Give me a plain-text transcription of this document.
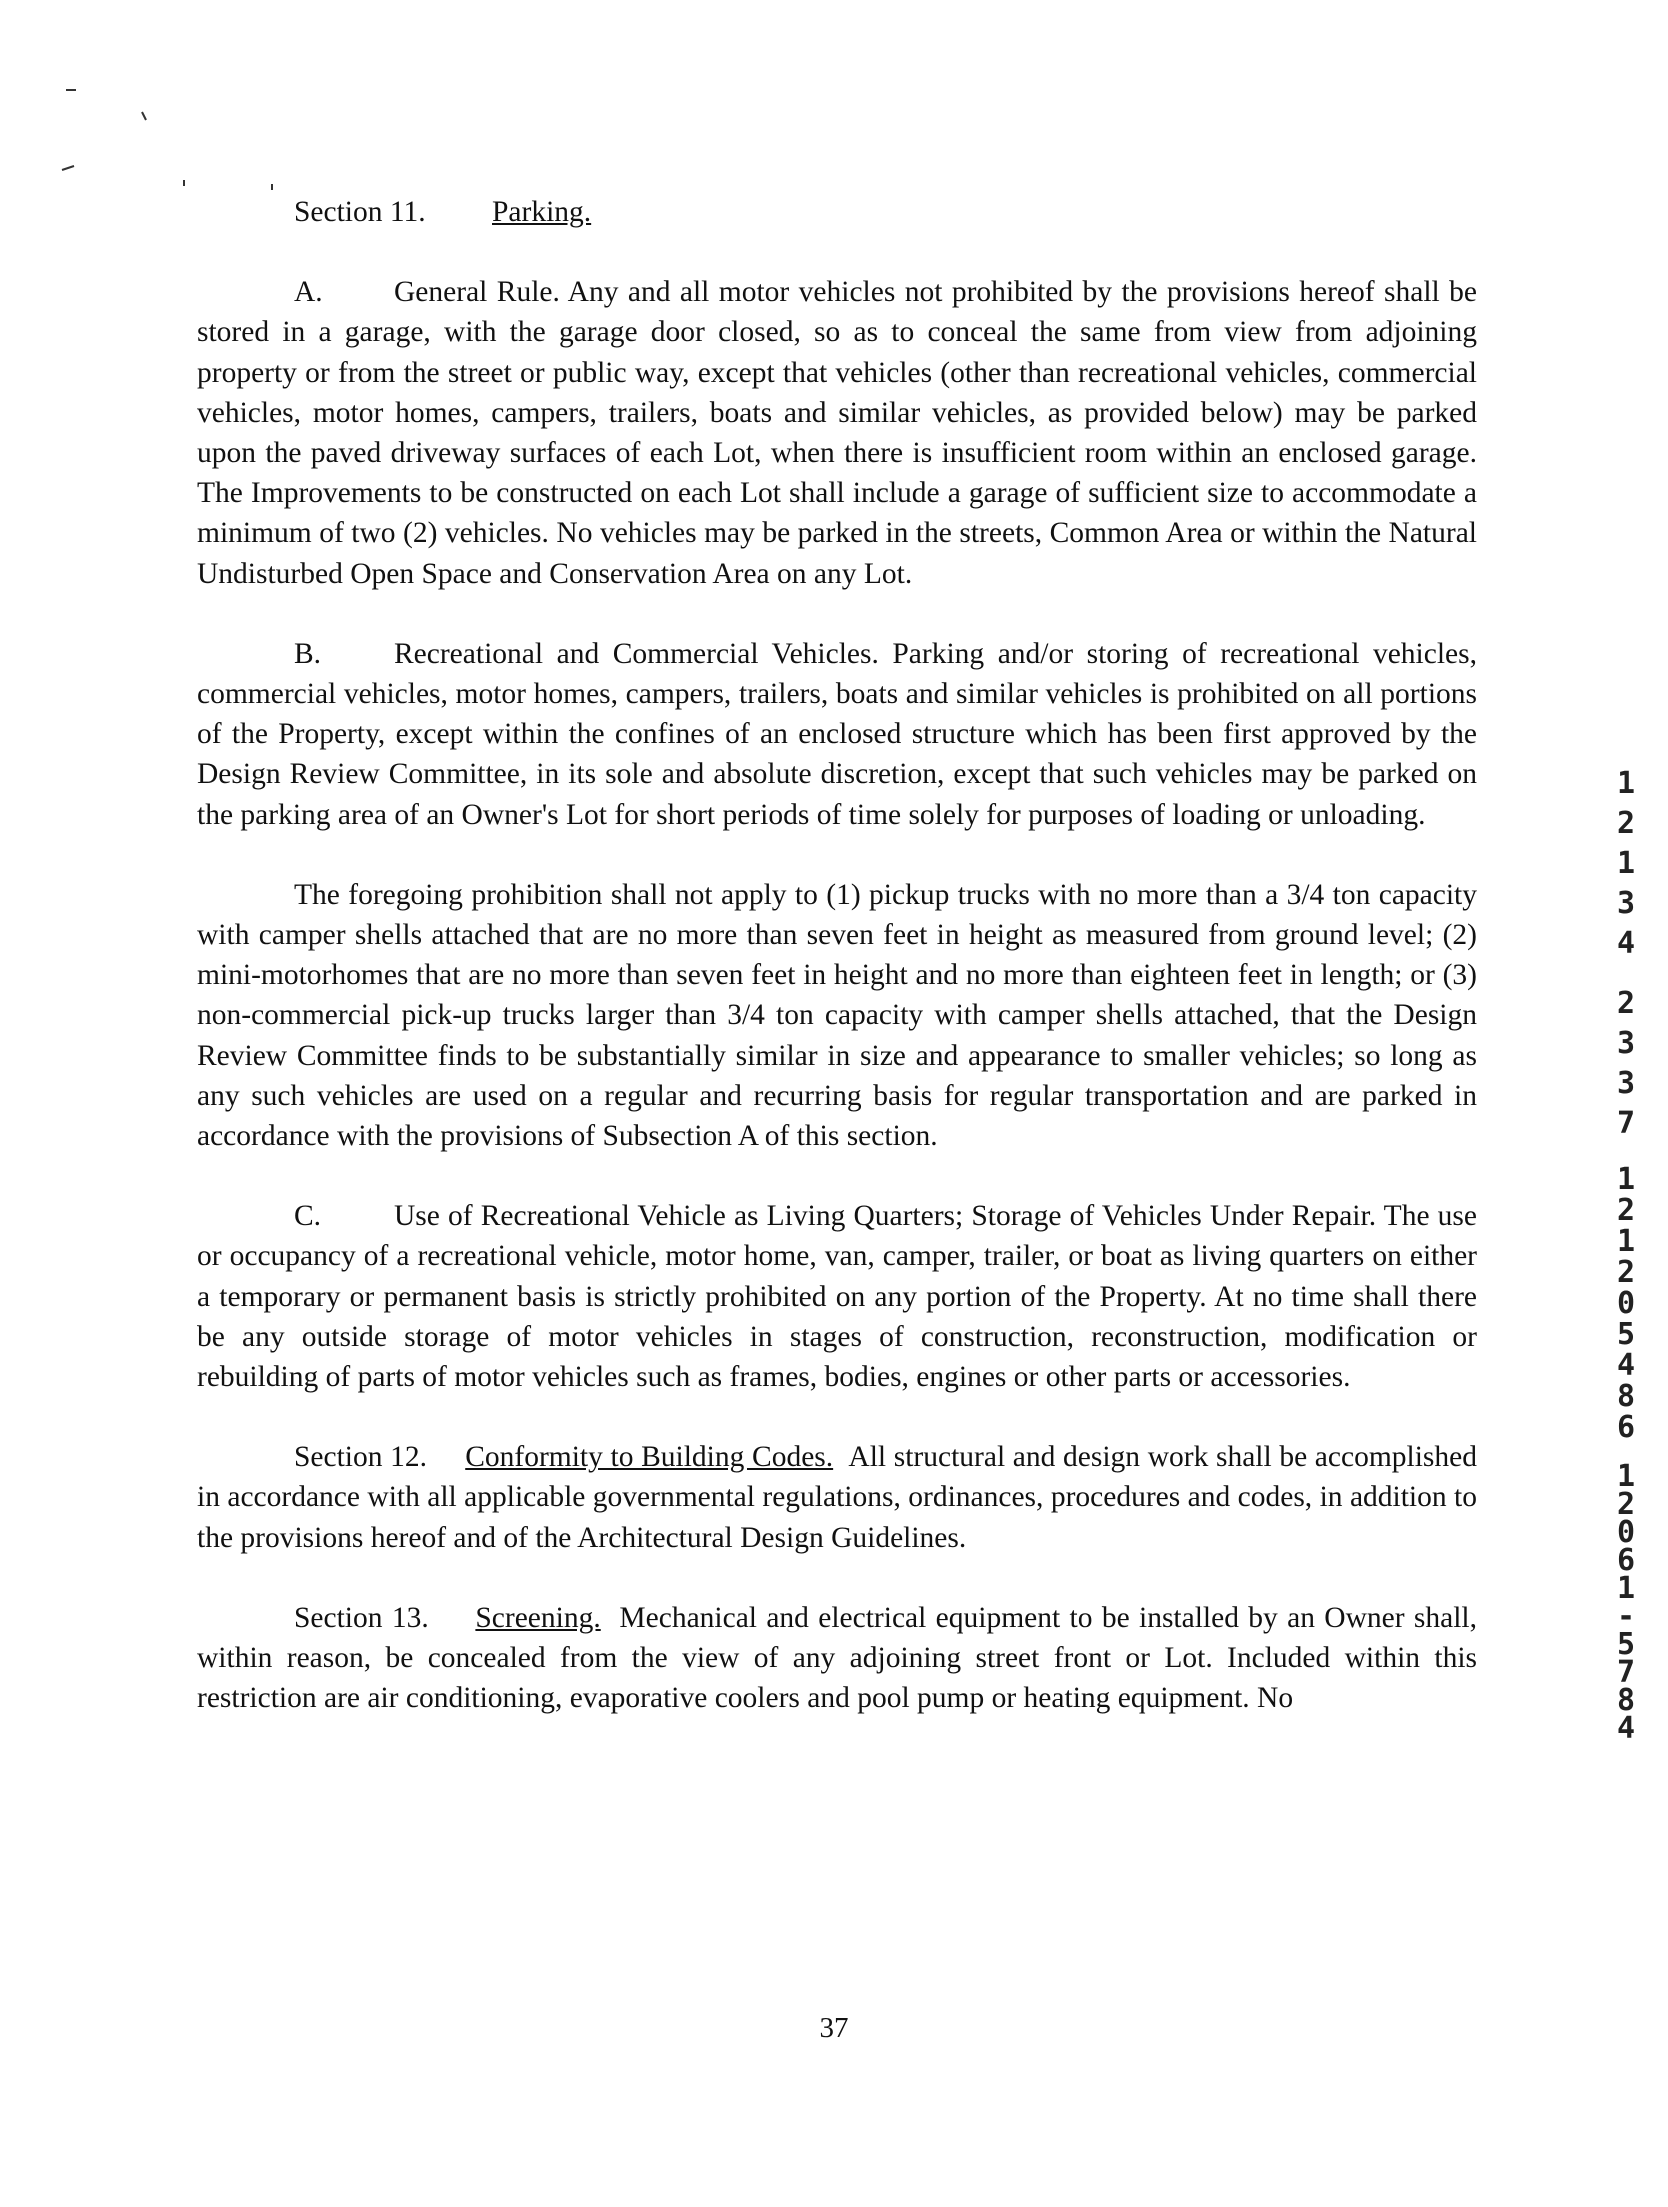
Section 11. Parking.

A. General Rule. Any and all motor vehicles not prohibited by the provisions hereof shall be stored in a garage, with the garage door closed, so as to conceal the same from view from adjoining property or from the street or public way, except that vehicles (other than recreational vehicles, commercial vehicles, motor homes, campers, trailers, boats and similar vehicles, as provided below) may be parked upon the paved driveway surfaces of each Lot, when there is insufficient room within an enclosed garage. The Improvements to be constructed on each Lot shall include a garage of sufficient size to accommodate a minimum of two (2) vehicles. No vehicles may be parked in the streets, Common Area or within the Natural Undisturbed Open Space and Conservation Area on any Lot.

B. Recreational and Commercial Vehicles. Parking and/or storing of recreational vehicles, commercial vehicles, motor homes, campers, trailers, boats and similar vehicles is prohibited on all portions of the Property, except within the confines of an enclosed structure which has been first approved by the Design Review Committee, in its sole and absolute discretion, except that such vehicles may be parked on the parking area of an Owner's Lot for short periods of time solely for purposes of loading or unloading.

The foregoing prohibition shall not apply to (1) pickup trucks with no more than a 3/4 ton capacity with camper shells attached that are no more than seven feet in height as measured from ground level; (2) mini-motorhomes that are no more than seven feet in height and no more than eighteen feet in length; or (3) non-commercial pick-up trucks larger than 3/4 ton capacity with camper shells attached, that the Design Review Committee finds to be substantially similar in size and appearance to smaller vehicles; so long as any such vehicles are used on a regular and recurring basis for regular transportation and are parked in accordance with the provisions of Subsection A of this section.

C. Use of Recreational Vehicle as Living Quarters; Storage of Vehicles Under Repair. The use or occupancy of a recreational vehicle, motor home, van, camper, trailer, or boat as living quarters on either a temporary or permanent basis is strictly prohibited on any portion of the Property. At no time shall there be any outside storage of motor vehicles in stages of construction, reconstruction, modification or rebuilding of parts of motor vehicles such as frames, bodies, engines or other parts or accessories.

Section 12. Conformity to Building Codes. All structural and design work shall be accomplished in accordance with all applicable governmental regulations, ordinances, procedures and codes, in addition to the provisions hereof and of the Architectural Design Guidelines.

Section 13. Screening. Mechanical and electrical equipment to be installed by an Owner shall, within reason, be concealed from the view of any adjoining street front or Lot. Included within this restriction are air conditioning, evaporative coolers and pool pump or heating equipment. No

37
1
2
1
3
4
2
3
3
7
1
2
1
2
0
5
4
8
6
1
2
0
6
1
-
5
7
8
4
